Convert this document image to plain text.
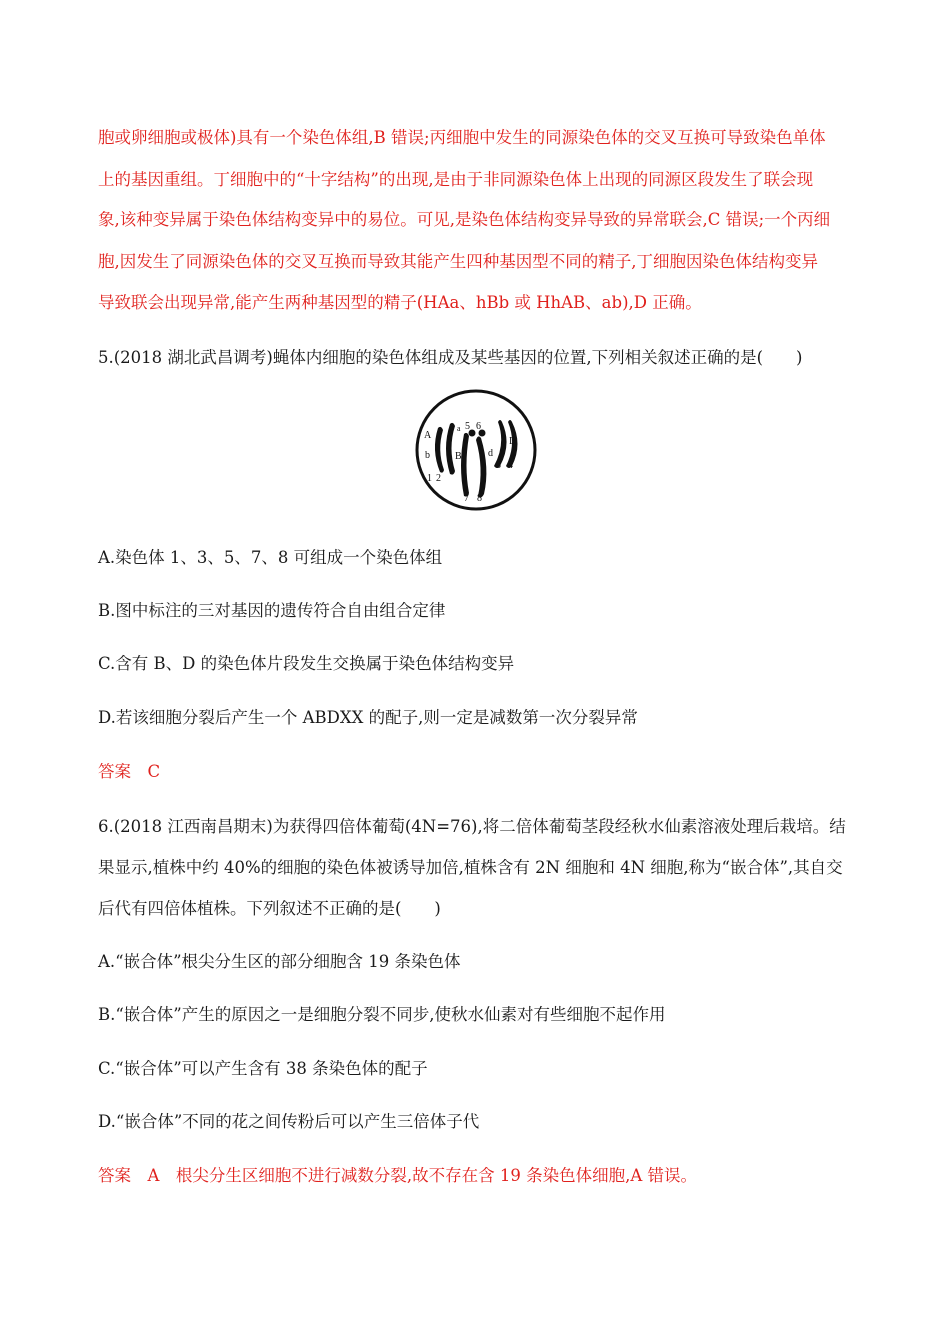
胞或卵细胞或极体)具有一个染色体组,B 错误;丙细胞中发生的同源染色体的交叉互换可导致染色单体
上的基因重组。丁细胞中的“十字结构”的出现,是由于非同源染色体上出现的同源区段发生了联会现
象,该种变异属于染色体结构变异中的易位。可见,是染色体结构变异导致的异常联会,C 错误;一个丙细
胞,因发生了同源染色体的交叉互换而导致其能产生四种基因型不同的精子,丁细胞因染色体结构变异
导致联会出现异常,能产生两种基因型的精子(HAa、hBb 或 HhAB、ab),D 正确。
5.(2018 湖北武昌调考)蝇体内细胞的染色体组成及某些基因的位置,下列相关叙述正确的是(　　)
A
b
a
B	d
D
1 2
3 4
5 6
7 8
A.染色体 1、3、5、7、8 可组成一个染色体组
B.图中标注的三对基因的遗传符合自由组合定律
C.含有 B、D 的染色体片段发生交换属于染色体结构变异
D.若该细胞分裂后产生一个 ABDXX 的配子,则一定是减数第一次分裂异常
答案　C
6.(2018 江西南昌期末)为获得四倍体葡萄(4N=76),将二倍体葡萄茎段经秋水仙素溶液处理后栽培。结
果显示,植株中约 40%的细胞的染色体被诱导加倍,植株含有 2N 细胞和 4N 细胞,称为“嵌合体”,其自交
后代有四倍体植株。下列叙述不正确的是(　　)
A.“嵌合体”根尖分生区的部分细胞含 19 条染色体
B.“嵌合体”产生的原因之一是细胞分裂不同步,使秋水仙素对有些细胞不起作用
C.“嵌合体”可以产生含有 38 条染色体的配子
D.“嵌合体”不同的花之间传粉后可以产生三倍体子代
答案　A　根尖分生区细胞不进行减数分裂,故不存在含 19 条染色体细胞,A 错误。
